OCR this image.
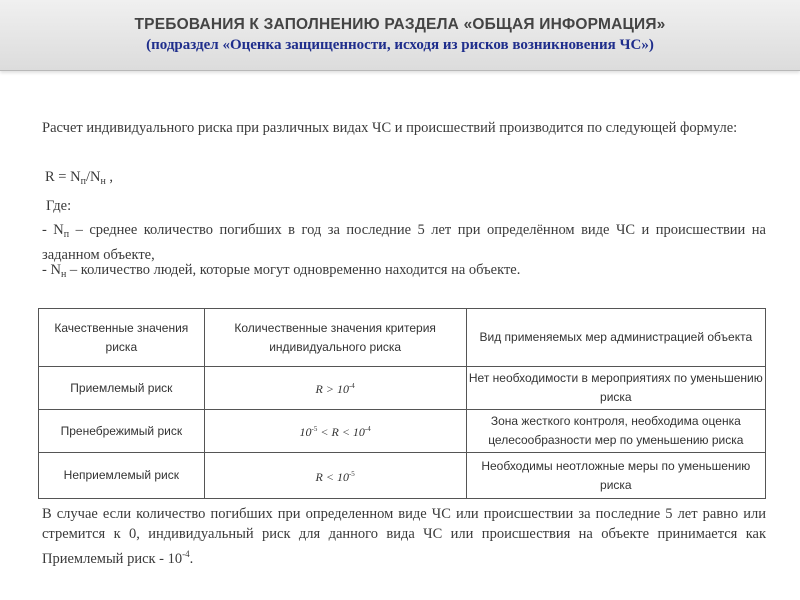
ТРЕБОВАНИЯ К ЗАПОЛНЕНИЮ РАЗДЕЛА «ОБЩАЯ ИНФОРМАЦИЯ»
(подраздел «Оценка защищенности, исходя из рисков возникновения ЧС»)
Расчет индивидуального риска при различных видах ЧС и происшествий производится по следующей формуле:
$R = N_п/N_н$ ,
Где:
- $N_п$ – среднее количество погибших в год за последние 5 лет при определённом виде ЧС и происшествии на заданном объекте,
- $N_н$ – количество людей, которые могут одновременно находится на объекте.
Качественные значения риска	Количественные значения критерия индивидуального риска	Вид применяемых мер администрацией объекта
Приемлемый риск	$R > 10^{-4}$	Нет необходимости в мероприятиях по уменьшению риска
Пренебрежимый риск	$10^{-5} < R < 10^{-4}$	Зона жесткого контроля, необходима оценка целесообразности мер по уменьшению риска
Неприемлемый риск	$R < 10^{-5}$	Необходимы неотложные меры по уменьшению риска
В случае если количество погибших при определенном виде ЧС или происшествии за последние 5 лет равно или стремится к 0, индивидуальный риск для данного вида ЧС или происшествия на объекте принимается как Приемлемый риск - $10^{-4}$.
